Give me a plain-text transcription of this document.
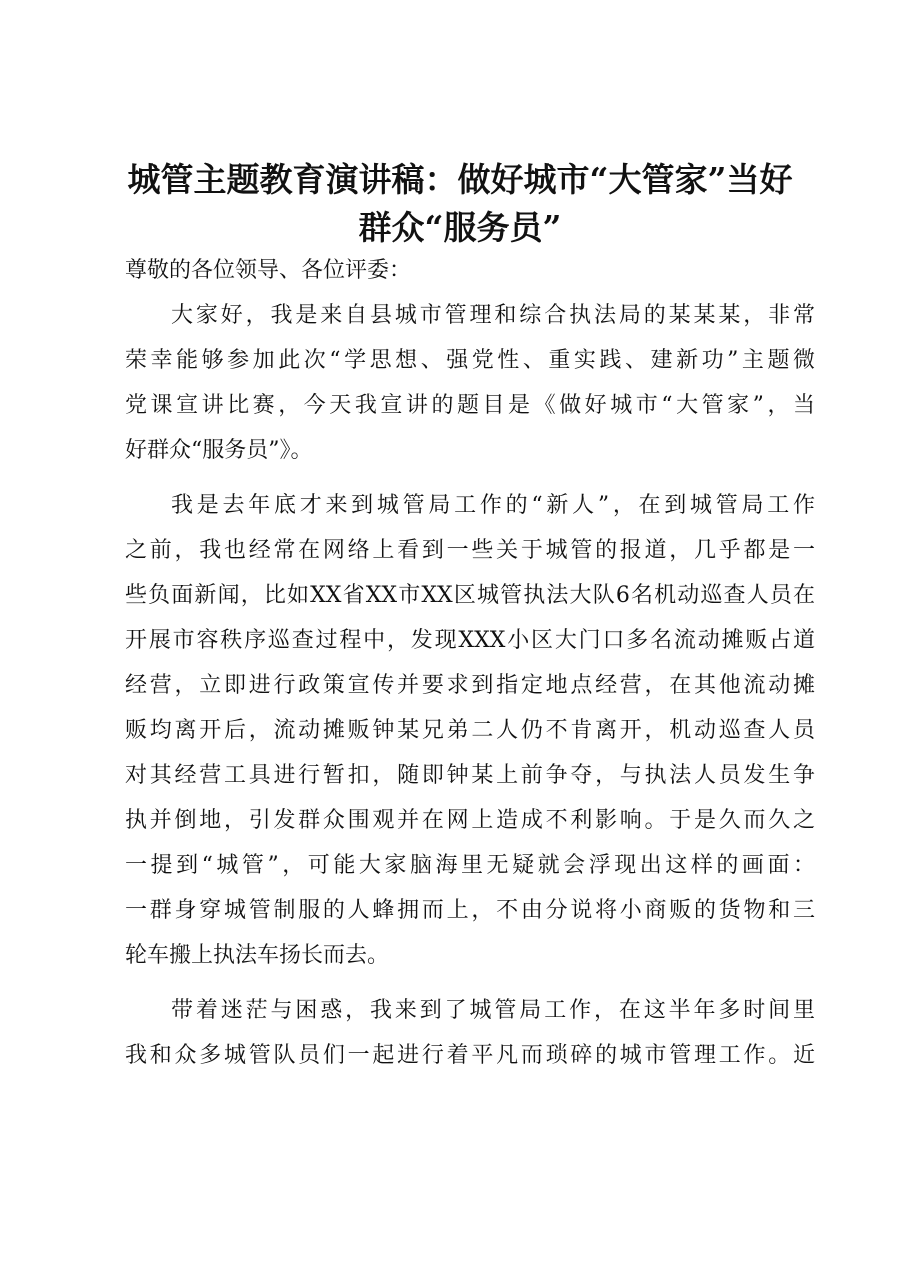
城管主题教育演讲稿：做好城市“大管家”当好
群众“服务员”
尊敬的各位领导、各位评委：
大家好，我是来自县城市管理和综合执法局的某某某，非常
荣幸能够参加此次“学思想、强党性、重实践、建新功”主题微
党课宣讲比赛，今天我宣讲的题目是《做好城市“大管家”，当
好群众“服务员”》。
我是去年底才来到城管局工作的“新人”，在到城管局工作
之前，我也经常在网络上看到一些关于城管的报道，几乎都是一
些负面新闻，比如XX省XX市XX区城管执法大队6名机动巡查人员在
开展市容秩序巡查过程中，发现XXX小区大门口多名流动摊贩占道
经营，立即进行政策宣传并要求到指定地点经营，在其他流动摊
贩均离开后，流动摊贩钟某兄弟二人仍不肯离开，机动巡查人员
对其经营工具进行暂扣，随即钟某上前争夺，与执法人员发生争
执并倒地，引发群众围观并在网上造成不利影响。于是久而久之
一提到“城管”，可能大家脑海里无疑就会浮现出这样的画面：
一群身穿城管制服的人蜂拥而上，不由分说将小商贩的货物和三
轮车搬上执法车扬长而去。
带着迷茫与困惑，我来到了城管局工作，在这半年多时间里
我和众多城管队员们一起进行着平凡而琐碎的城市管理工作。近
